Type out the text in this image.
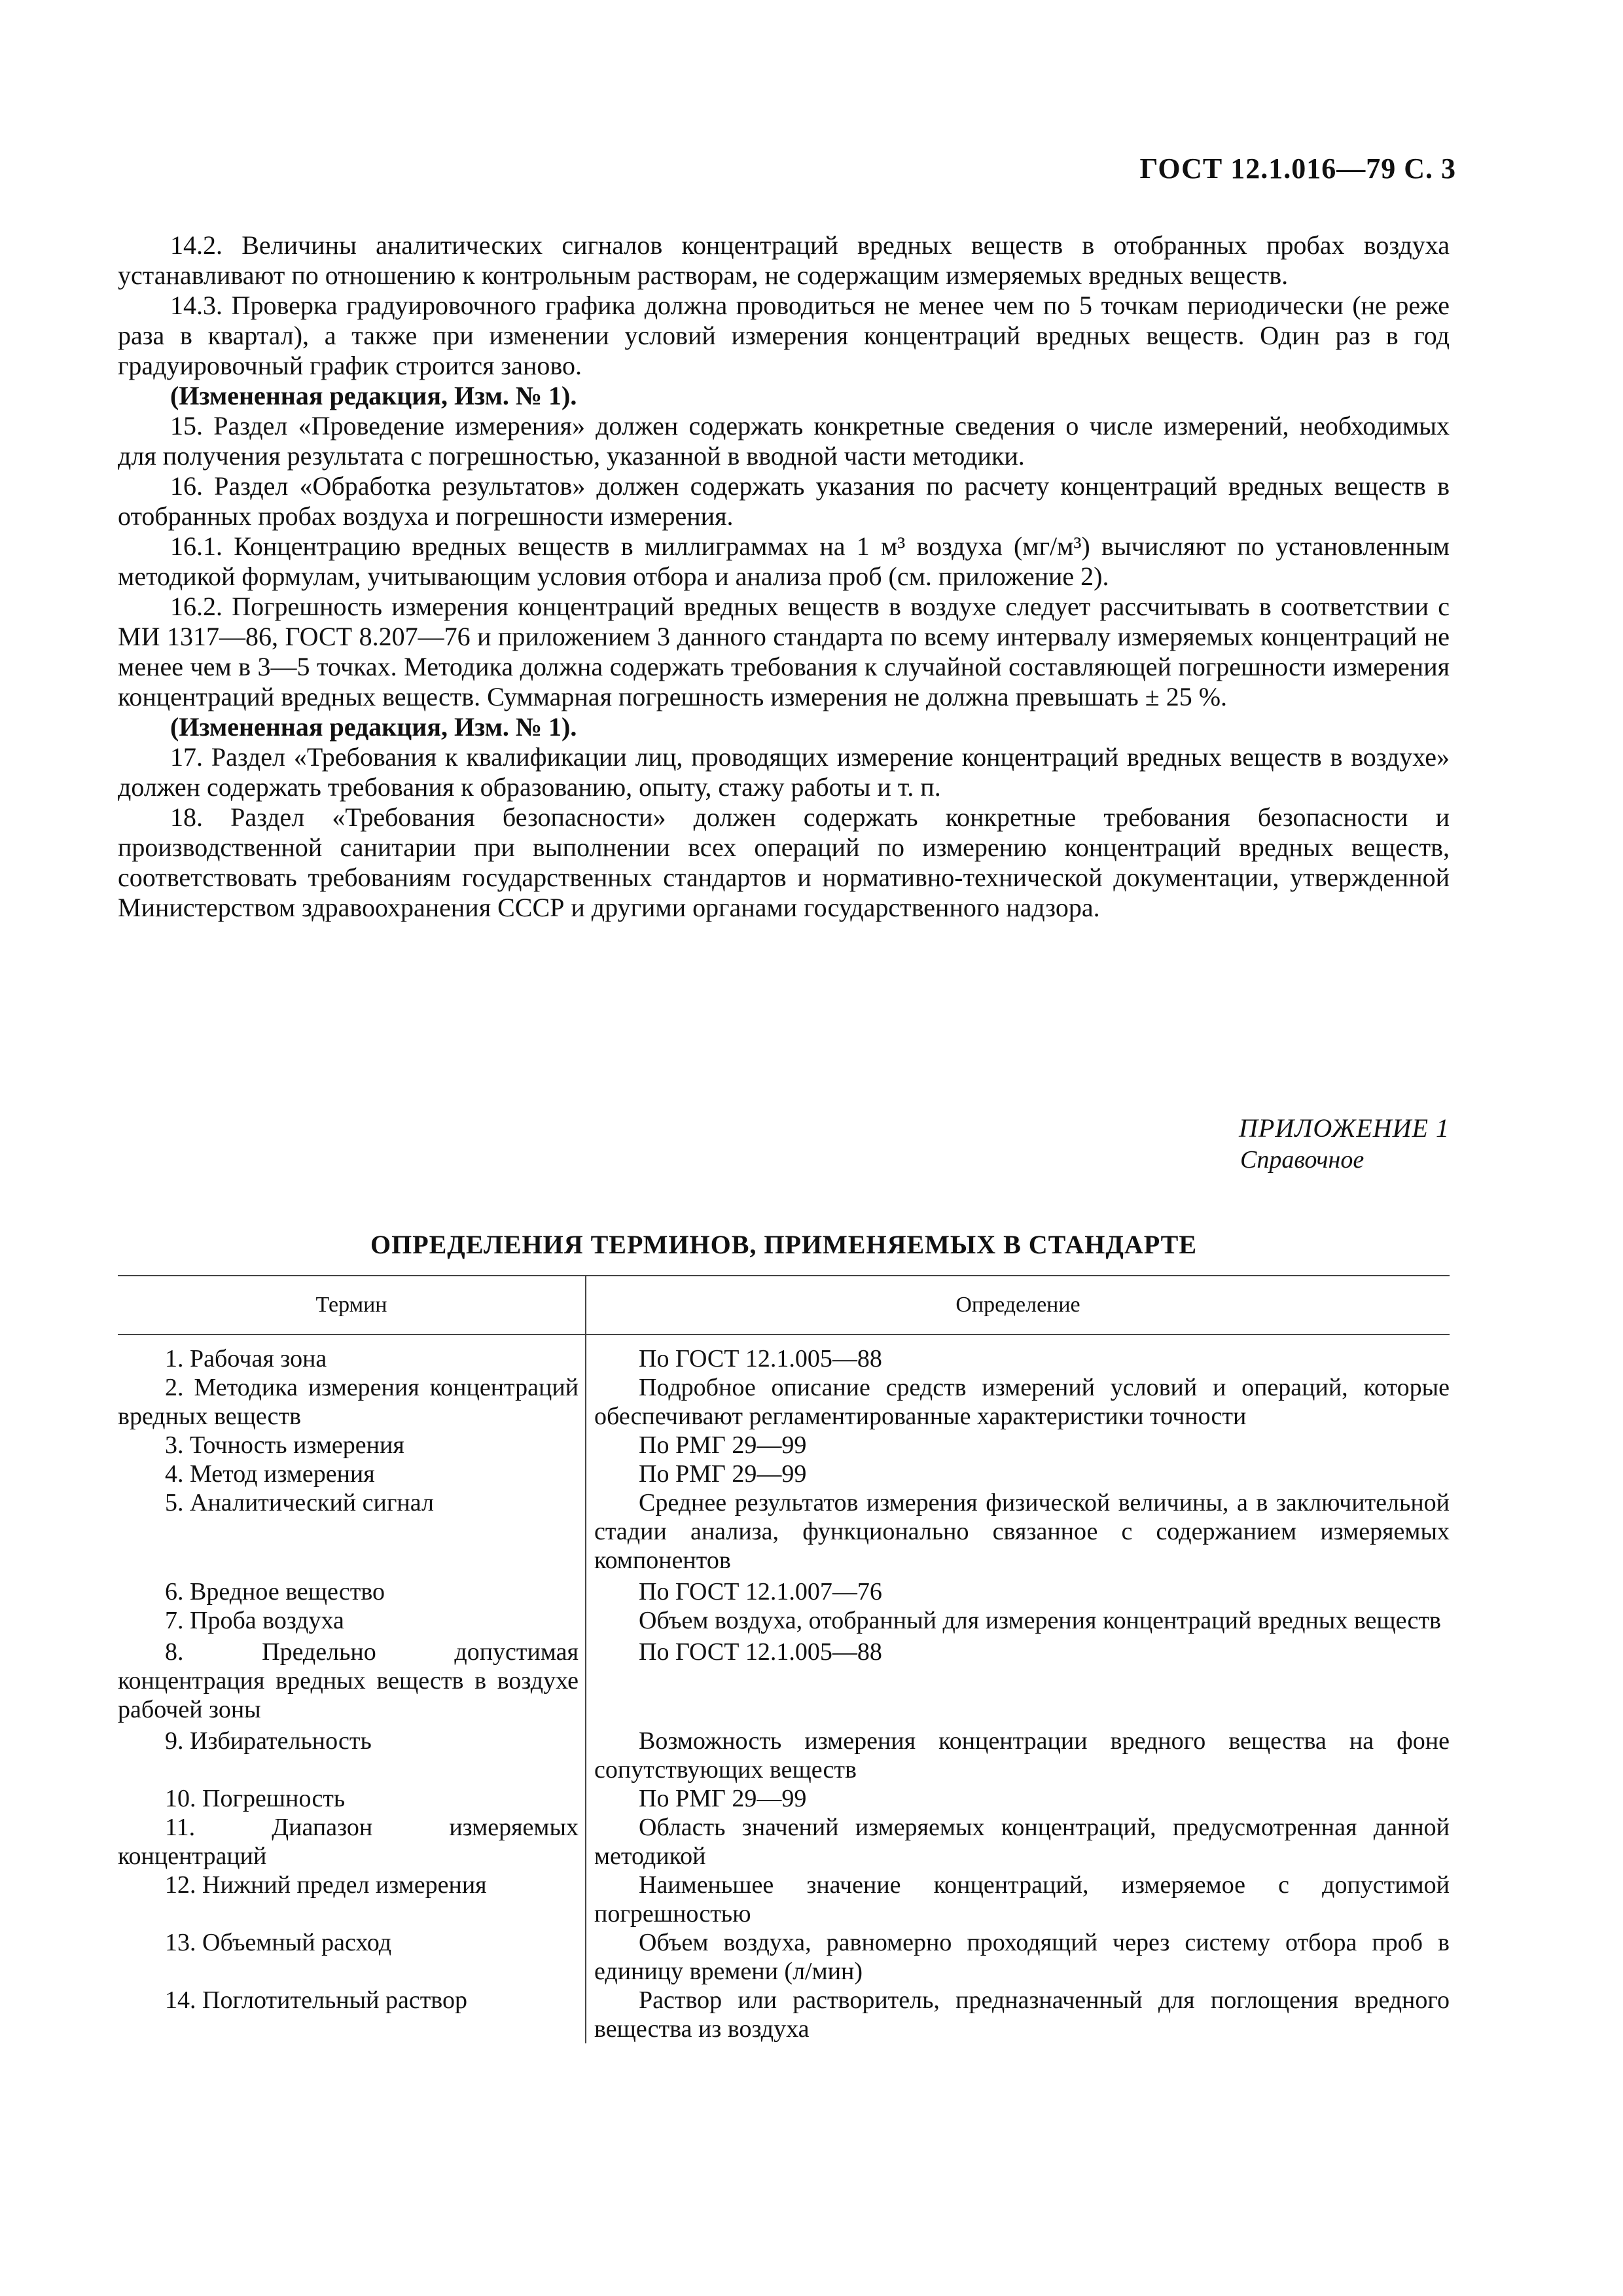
ГОСТ 12.1.016—79 С. 3

14.2. Величины аналитических сигналов концентраций вредных веществ в отобранных пробах воздуха устанавливают по отношению к контрольным растворам, не содержащим измеряемых вредных веществ.

14.3. Проверка градуировочного графика должна проводиться не менее чем по 5 точкам периодически (не реже раза в квартал), а также при изменении условий измерения концентраций вредных веществ. Один раз в год градуировочный график строится заново.

(Измененная редакция, Изм. № 1).

15. Раздел «Проведение измерения» должен содержать конкретные сведения о числе измерений, необходимых для получения результата с погрешностью, указанной в вводной части методики.

16. Раздел «Обработка результатов» должен содержать указания по расчету концентраций вредных веществ в отобранных пробах воздуха и погрешности измерения.

16.1. Концентрацию вредных веществ в миллиграммах на 1 м³ воздуха (мг/м³) вычисляют по установленным методикой формулам, учитывающим условия отбора и анализа проб (см. приложение 2).

16.2. Погрешность измерения концентраций вредных веществ в воздухе следует рассчитывать в соответствии с МИ 1317—86, ГОСТ 8.207—76 и приложением 3 данного стандарта по всему интервалу измеряемых концентраций не менее чем в 3—5 точках. Методика должна содержать требования к случайной составляющей погрешности измерения концентраций вредных веществ. Суммарная погрешность измерения не должна превышать ± 25 %.

(Измененная редакция, Изм. № 1).

17. Раздел «Требования к квалификации лиц, проводящих измерение концентраций вредных веществ в воздухе» должен содержать требования к образованию, опыту, стажу работы и т. п.

18. Раздел «Требования безопасности» должен содержать конкретные требования безопасности и производственной санитарии при выполнении всех операций по измерению концентраций вредных веществ, соответствовать требованиям государственных стандартов и нормативно-технической документации, утвержденной Министерством здравоохранения СССР и другими органами государственного надзора.

ПРИЛОЖЕНИЕ 1
Справочное
ОПРЕДЕЛЕНИЯ ТЕРМИНОВ, ПРИМЕНЯЕМЫХ В СТАНДАРТЕ
Термин	Определение
1. Рабочая зона	По ГОСТ 12.1.005—88
2. Методика измерения концентраций вредных веществ	Подробное описание средств измерений условий и операций, которые обеспечивают регламентированные характеристики точности
3. Точность измерения	По РМГ 29—99
4. Метод измерения	По РМГ 29—99
5. Аналитический сигнал	Среднее результатов измерения физической величины, а в заключительной стадии анализа, функционально связанное с содержанием измеряемых компонентов
6. Вредное вещество	По ГОСТ 12.1.007—76
7. Проба воздуха	Объем воздуха, отобранный для измерения концентраций вредных веществ
8. Предельно допустимая концентрация вредных веществ в воздухе рабочей зоны	По ГОСТ 12.1.005—88
9. Избирательность	Возможность измерения концентрации вредного вещества на фоне сопутствующих веществ
10. Погрешность	По РМГ 29—99
11. Диапазон измеряемых концентраций	Область значений измеряемых концентраций, предусмотренная данной методикой
12. Нижний предел измерения	Наименьшее значение концентраций, измеряемое с допустимой погрешностью
13. Объемный расход	Объем воздуха, равномерно проходящий через систему отбора проб в единицу времени (л/мин)
14. Поглотительный раствор	Раствор или растворитель, предназначенный для поглощения вредного вещества из воздуха
